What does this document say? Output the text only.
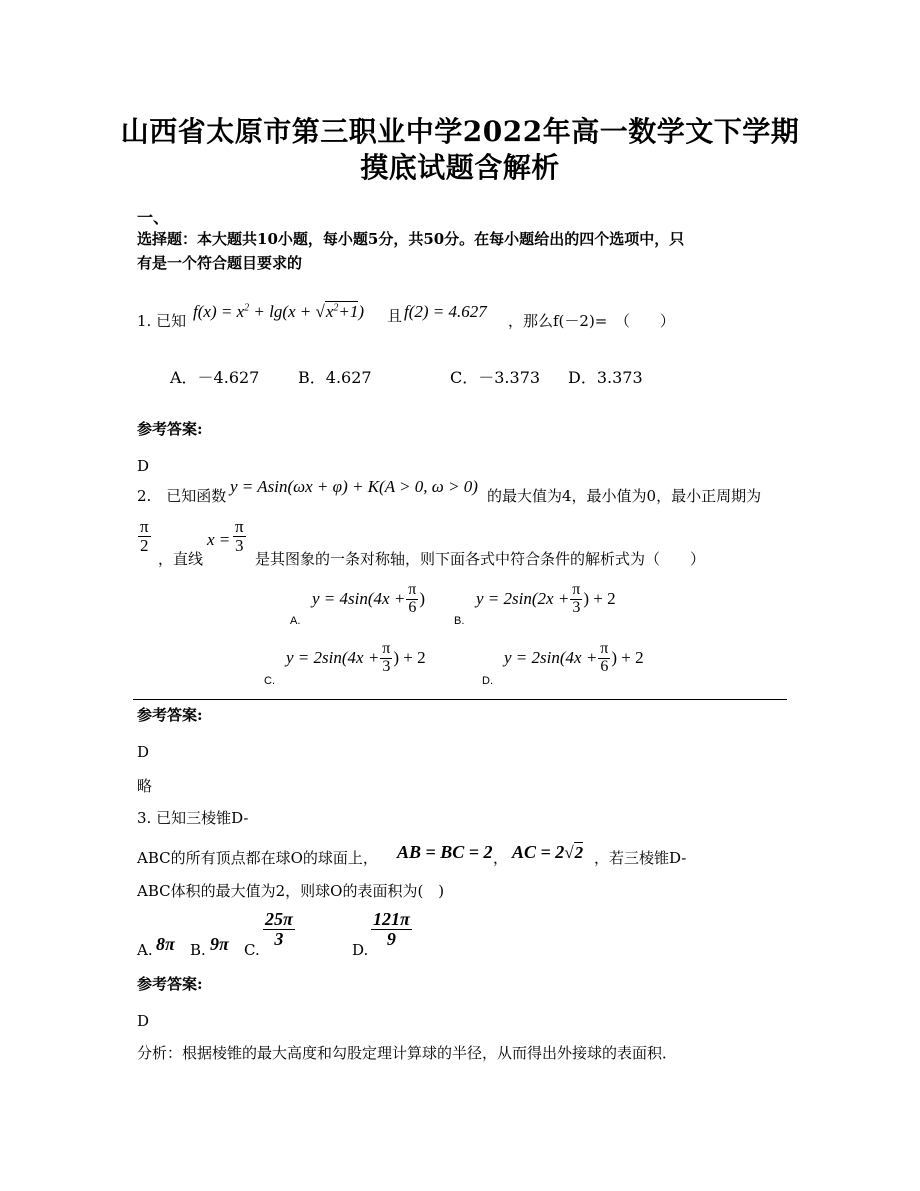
山西省太原市第三职业中学2022年高一数学文下学期
摸底试题含解析
一、
选择题：本大题共10小题，每小题5分，共50分。在每小题给出的四个选项中，只
有是一个符合题目要求的
1. 已知 $f(x) = x^2 + \lg(x + √x^2+1)$ 且 f(2) = 4.627 ，那么f(－2)=　（　　）
A．－4.627 B．4.627	C．－3.373 D．3.373
参考答案:
D
2.　已知函数 y = Asin(ωx + φ) + K(A > 0, ω > 0) 的最大值为4，最小值为0，最小正周期为
$\frac{\pi}{2}$
，直线
$x = \frac{\pi}{3}$
是其图象的一条对称轴，则下面各式中符合条件的解析式为（　　）
$y = 4\sin(4x + \frac{\pi}{6}$ )
A.
$y = 2\sin(2x + \frac{\pi}{3}$ ) + 2
B.
$y = 2\sin(4x + \frac{\pi}{3}$ ) + 2
C.
$y = 2\sin(4x + \frac{\pi}{6}$ ) + 2
D.
参考答案:
D
略
3. 已知三棱锥D-
ABC的所有顶点都在球O的球面上， AB = BC = 2 ， AC = 2√2 ，若三棱锥D-
ABC体积的最大值为2，则球O的表面积为(　)
A. 8π B. 9π C.
$\frac{25\pi}{3}$
D.
$\frac{121\pi}{9}$
参考答案:
D
分析：根据棱锥的最大高度和勾股定理计算球的半径，从而得出外接球的表面积．
